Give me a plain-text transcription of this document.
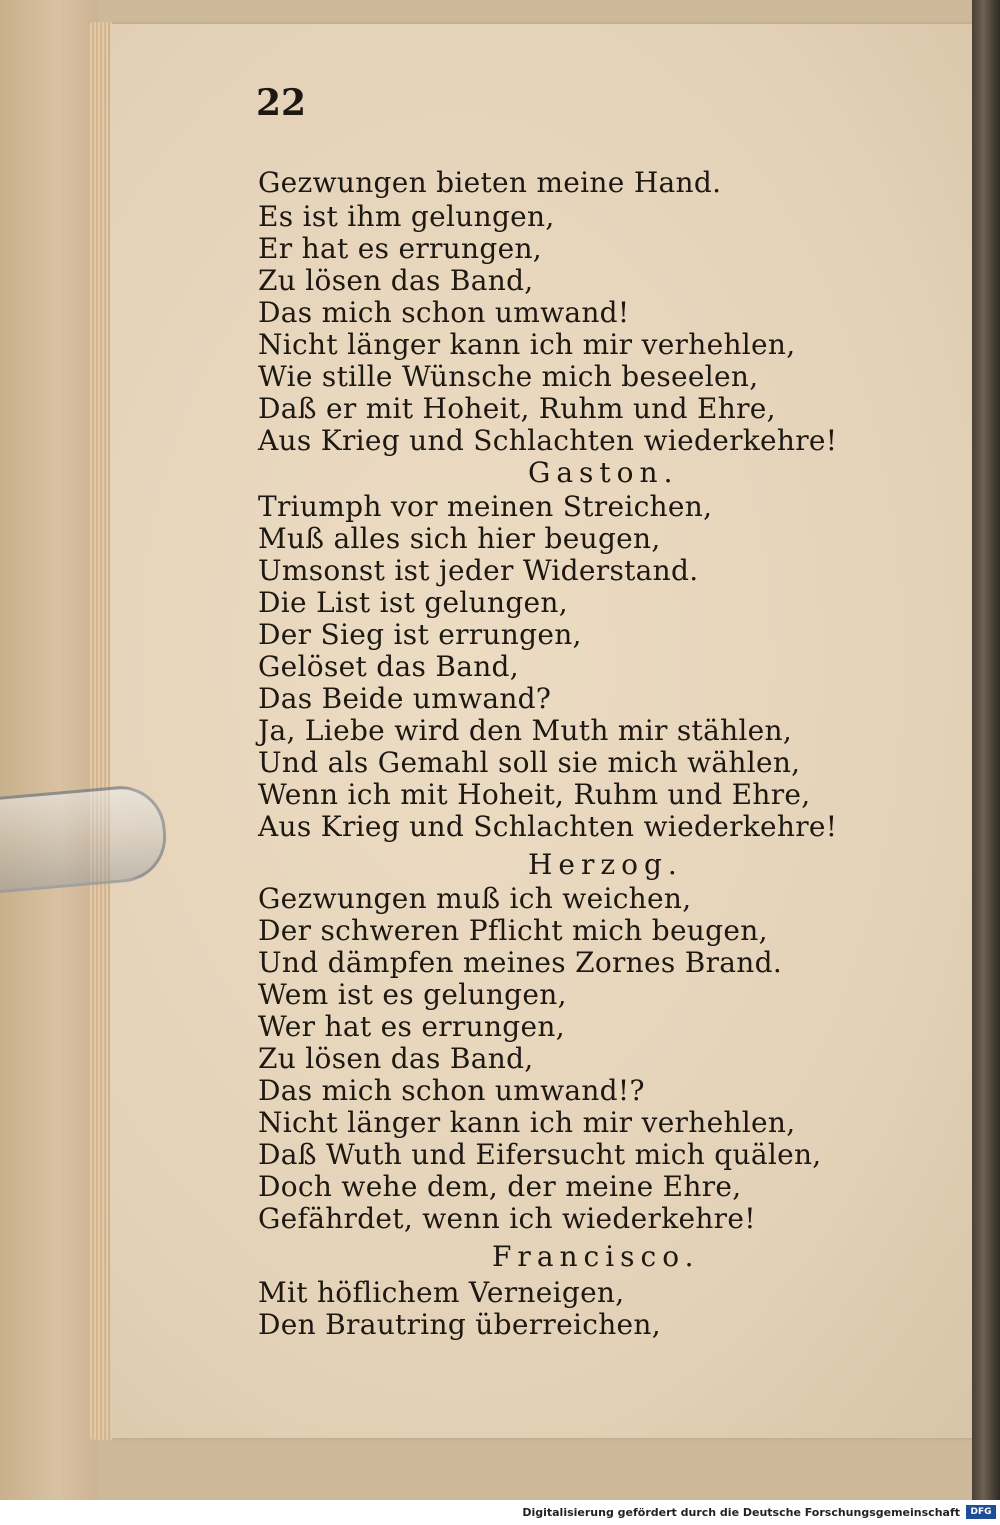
22
Gezwungen bieten meine Hand.
Es ist ihm gelungen,
Er hat es errungen,
Zu lösen das Band,
Das mich schon umwand!
Nicht länger kann ich mir verhehlen,
Wie stille Wünsche mich beseelen,
Daß er mit Hoheit, Ruhm und Ehre,
Aus Krieg und Schlachten wiederkehre!
Gaston.
Triumph vor meinen Streichen,
Muß alles sich hier beugen,
Umsonst ist jeder Widerstand.
Die List ist gelungen,
Der Sieg ist errungen,
Gelöset das Band,
Das Beide umwand?
Ja, Liebe wird den Muth mir stählen,
Und als Gemahl soll sie mich wählen,
Wenn ich mit Hoheit, Ruhm und Ehre,
Aus Krieg und Schlachten wiederkehre!
Herzog.
Gezwungen muß ich weichen,
Der schweren Pflicht mich beugen,
Und dämpfen meines Zornes Brand.
Wem ist es gelungen,
Wer hat es errungen,
Zu lösen das Band,
Das mich schon umwand!?
Nicht länger kann ich mir verhehlen,
Daß Wuth und Eifersucht mich quälen,
Doch wehe dem, der meine Ehre,
Gefährdet, wenn ich wiederkehre!
Francisco.
Mit höflichem Verneigen,
Den Brautring überreichen,
Digitalisierung gefördert durch die Deutsche Forschungsgemeinschaft	DFG
